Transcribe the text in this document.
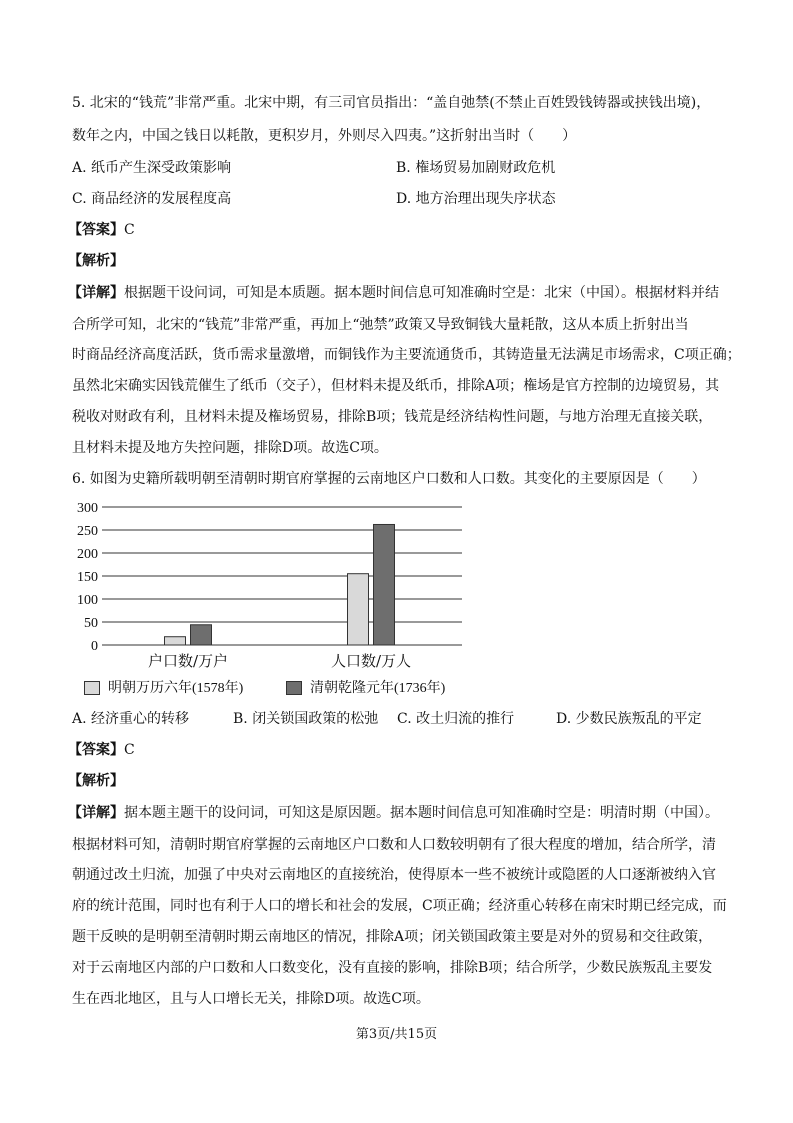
5. 北宋的“钱荒”非常严重。北宋中期，有三司官员指出：“盖自弛禁(不禁止百姓毁钱铸器或挟钱出境)，
数年之内，中国之钱日以耗散，更积岁月，外则尽入四夷。”这折射出当时（　　）
A. 纸币产生深受政策影响	B. 権场贸易加剧财政危机
C. 商品经济的发展程度高	D. 地方治理出现失序状态
【答案】C
【解析】
【详解】根据题干设问词，可知是本质题。据本题时间信息可知准确时空是：北宋（中国）。根据材料并结
合所学可知，北宋的“钱荒”非常严重，再加上“弛禁”政策又导致铜钱大量耗散，这从本质上折射出当
时商品经济高度活跃，货币需求量激增，而铜钱作为主要流通货币，其铸造量无法满足市场需求，C项正确；
虽然北宋确实因钱荒催生了纸币（交子），但材料未提及纸币，排除A项；権场是官方控制的边境贸易，其
税收对财政有利，且材料未提及権场贸易，排除B项；钱荒是经济结构性问题，与地方治理无直接关联，
且材料未提及地方失控问题，排除D项。故选C项。
6. 如图为史籍所载明朝至清朝时期官府掌握的云南地区户口数和人口数。其变化的主要原因是（　　）
300
250
200
150
100
50
0
户口数/万户	人口数/万人
明朝万历六年(1578年)	清朝乾隆元年(1736年)
A. 经济重心的转移	B. 闭关锁国政策的松弛 C. 改土归流的推行	D. 少数民族叛乱的平定
【答案】C
【解析】
【详解】据本题主题干的设问词，可知这是原因题。据本题时间信息可知准确时空是：明清时期（中国）。
根据材料可知，清朝时期官府掌握的云南地区户口数和人口数较明朝有了很大程度的增加，结合所学，清
朝通过改土归流，加强了中央对云南地区的直接统治，使得原本一些不被统计或隐匿的人口逐渐被纳入官
府的统计范围，同时也有利于人口的增长和社会的发展，C项正确；经济重心转移在南宋时期已经完成，而
题干反映的是明朝至清朝时期云南地区的情况，排除A项；闭关锁国政策主要是对外的贸易和交往政策，
对于云南地区内部的户口数和人口数变化，没有直接的影响，排除B项；结合所学，少数民族叛乱主要发
生在西北地区，且与人口增长无关，排除D项。故选C项。
第3页/共15页
